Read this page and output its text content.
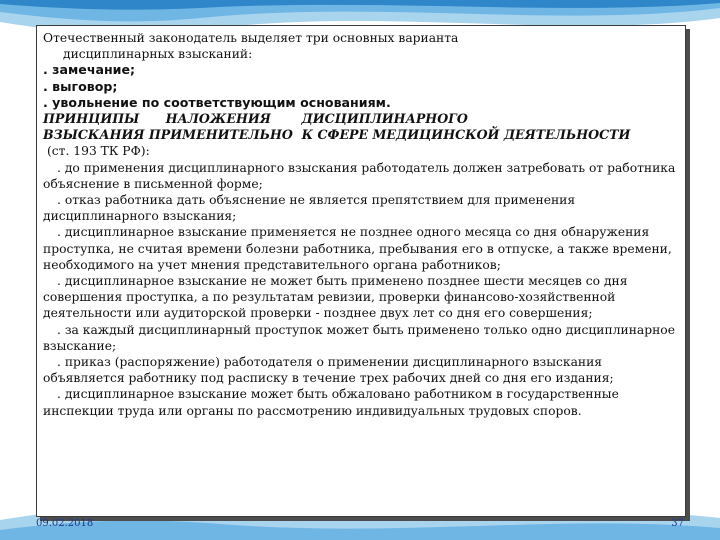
Отечественный законодатель выделяет три основных варианта

дисциплинарных взысканий:

. замечание;

. выговор;

. увольнение по соответствующим основаниям.

ПРИНЦИПЫ      НАЛОЖЕНИЯ       ДИСЦИПЛИНАРНОГО

ВЗЫСКАНИЯ ПРИМЕНИТЕЛЬНО  К СФЕРЕ МЕДИЦИНСКОЙ ДЕЯТЕЛЬНОСТИ

(ст. 193 ТК РФ):

. до применения дисциплинарного взыскания работодатель должен затребовать от работника объяснение в письменной форме;

. отказ работника дать объяснение не является препятствием для применения дисциплинарного взыскания;

. дисциплинарное взыскание применяется не позднее одного месяца со дня обнаружения проступка, не считая времени болезни работника, пребывания его в отпуске, а также времени, необходимого на учет мнения представительного органа работников;

. дисциплинарное взыскание не может быть применено позднее шести месяцев со дня совершения проступка, а по результатам ревизии, проверки финансово-хозяйственной деятельности или аудиторской проверки - позднее двух лет со дня его совершения;

. за каждый дисциплинарный проступок может быть применено только одно дисциплинарное взыскание;

. приказ (распоряжение) работодателя о применении дисциплинарного взыскания объявляется работнику под расписку в течение трех рабочих дней со дня его издания;

. дисциплинарное взыскание может быть обжаловано работником в государственные инспекции труда или органы по рассмотрению индивидуальных трудовых споров.

09.02.2018	37
